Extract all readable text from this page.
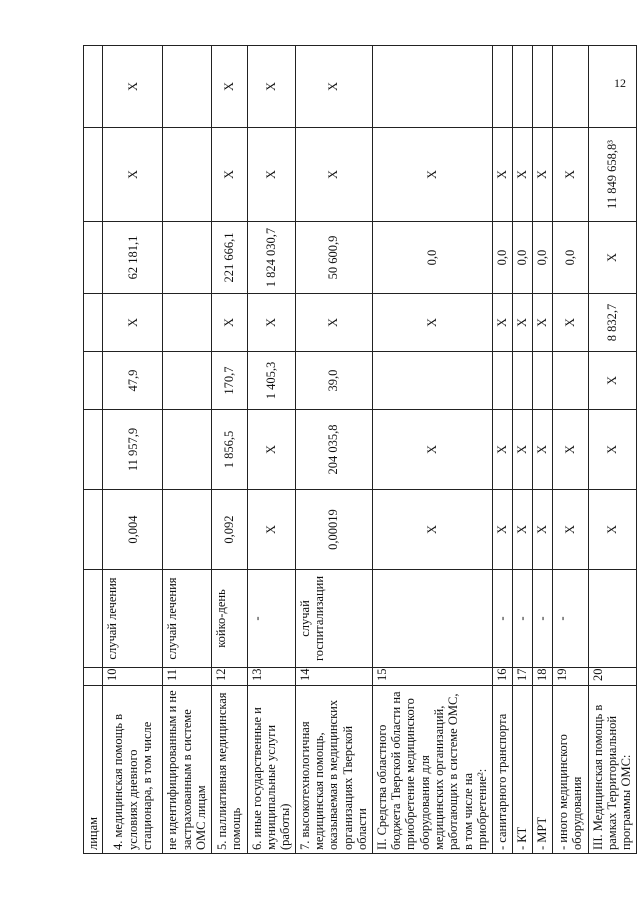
12
лицам									
4. медицинская помощь в условиях дневного стационара, в том числе	10	случай лечения	0,004	11 957,9	47,9	X	62 181,1	X	X
не идентифицированным и не застрахованным в системе ОМС лицам	11	случай лечения							
5. паллиативная медицинская помощь	12	койко-день	0,092	1 856,5	170,7	X	221 666,1	X	X
6. иные государственные и муниципальные услуги (работы)	13	-	X	X	1 405,3	X	1 824 030,7	X	X
7. высокотехнологичная медицинская помощь, оказываемая в медицинских организациях Тверской области	14	случай госпитализации	0,00019	204 035,8	39,0	X	50 600,9	X	X
II. Средства областного бюджета Тверской области на приобретение медицинского оборудования для медицинских организаций, работающих в системе ОМС, в том числе на приобретение²:	15		X	X		X	0,0	X	
- санитарного транспорта	16	-	X	X		X	0,0	X	
- КТ	17	-	X	X		X	0,0	X	
- МРТ	18	-	X	X		X	0,0	X	
- иного медицинского оборудования	19	-	X	X		X	0,0	X	
III. Медицинская помощь в рамках Территориальной программы ОМС:	20		X	X	X	8 832,7	X	11 849 658,8³	
